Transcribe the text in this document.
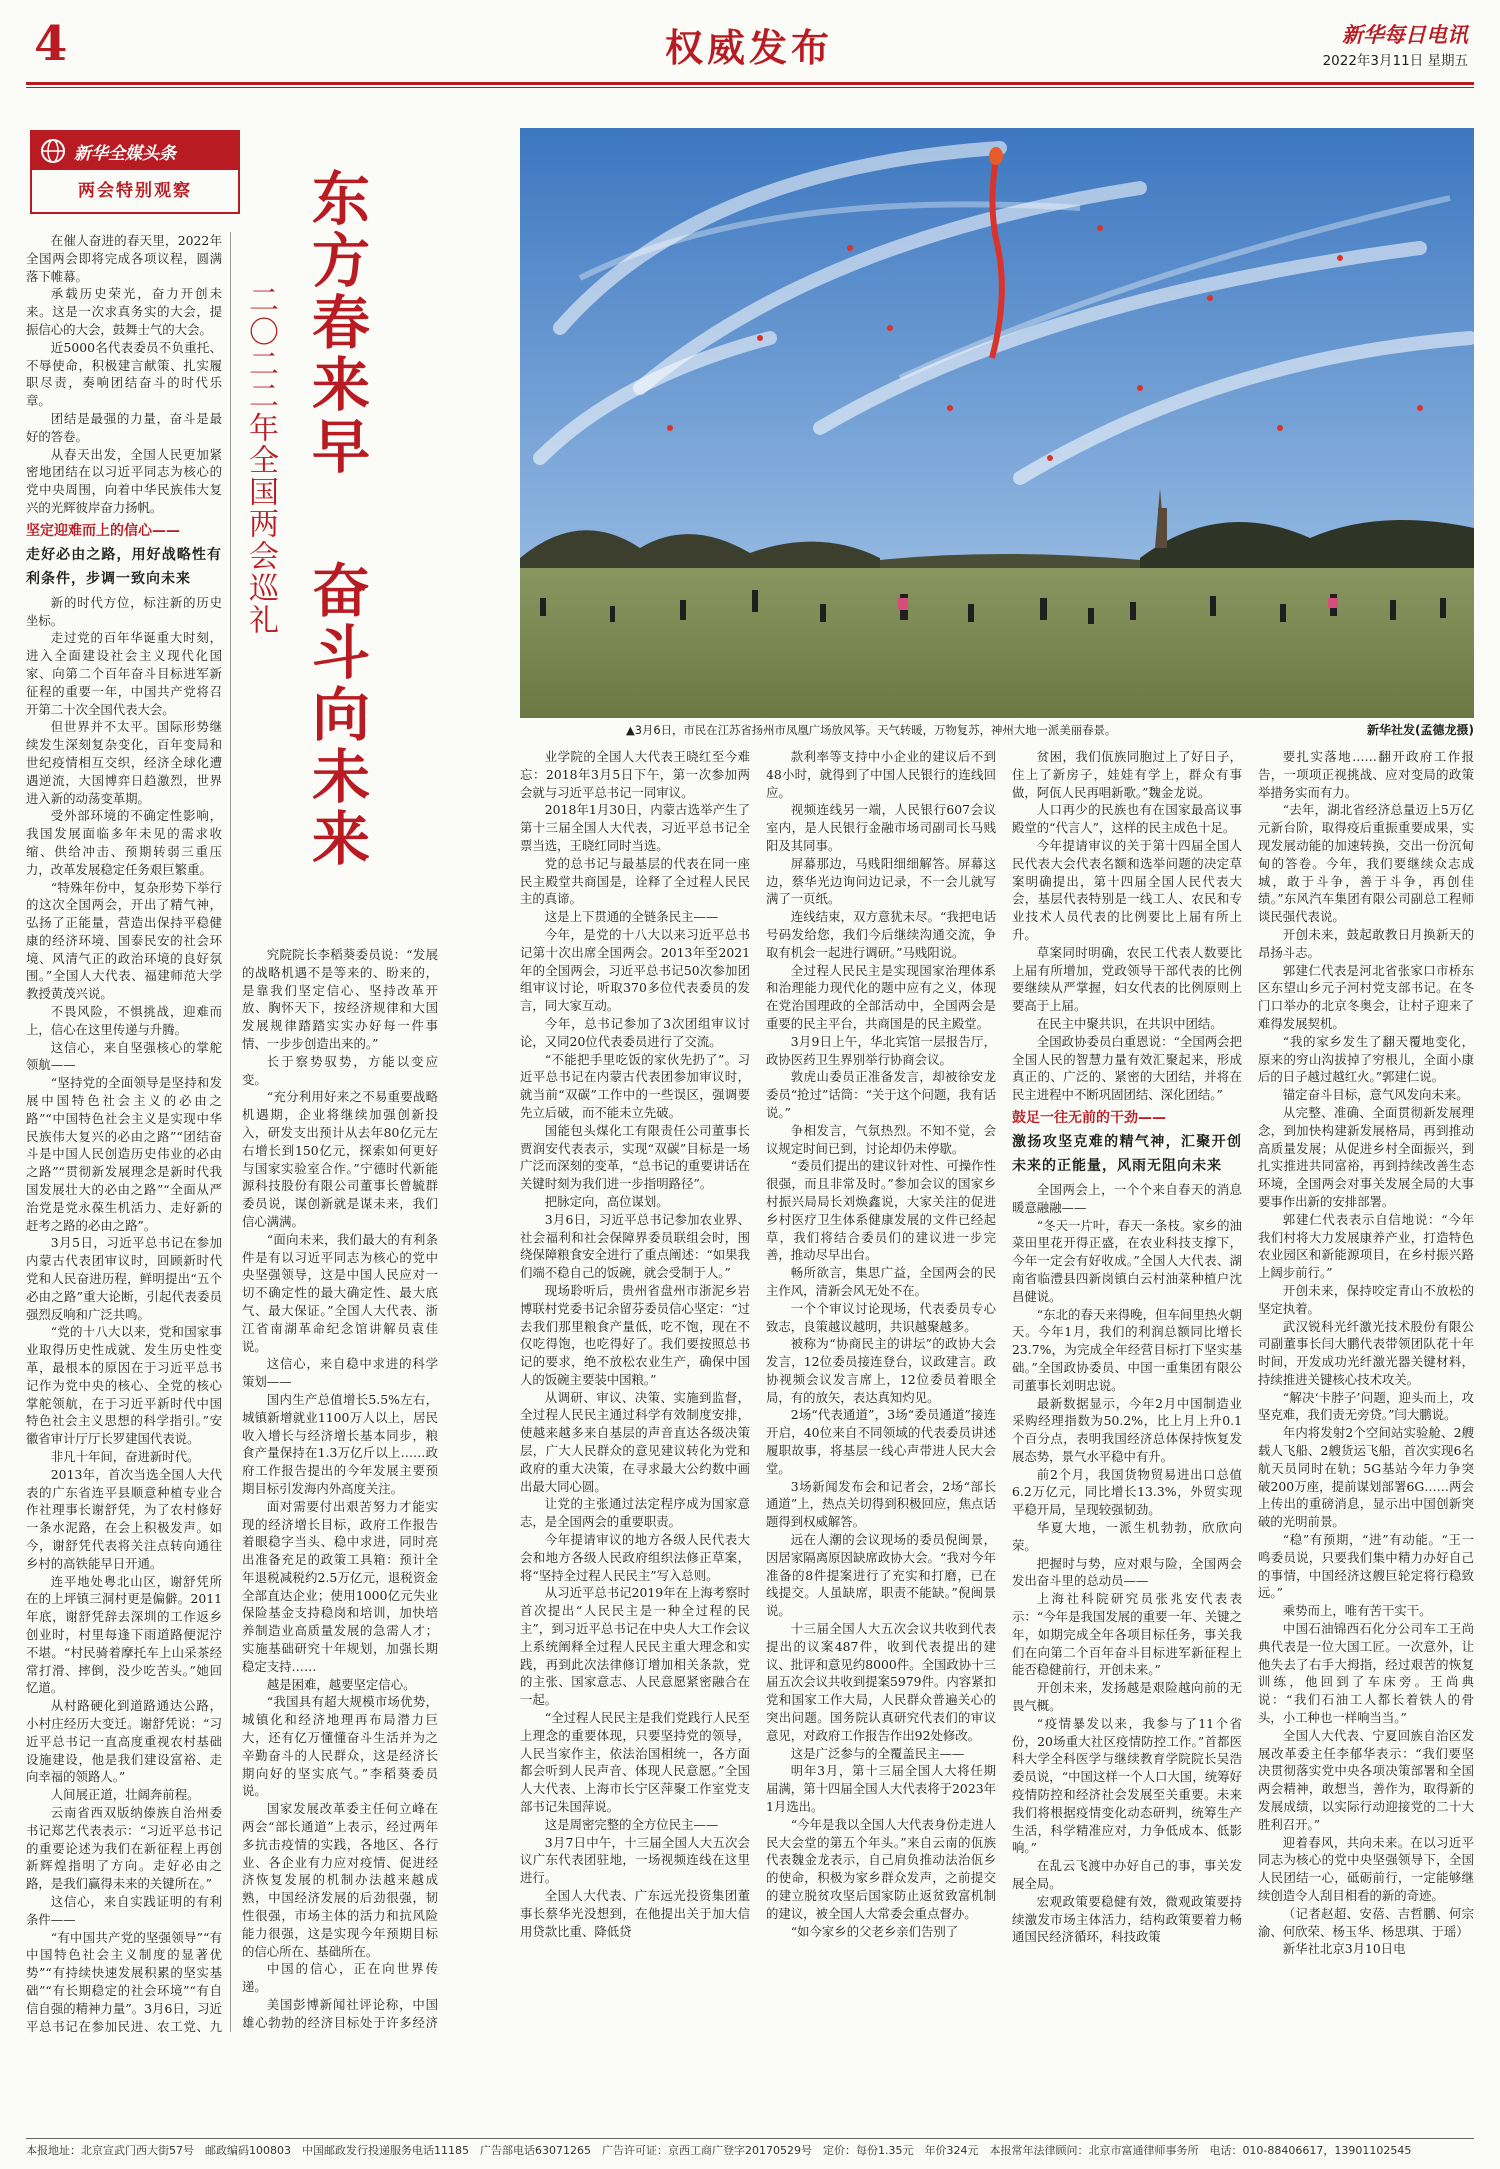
4	权威发布	新华每日电讯
2022年3月11日 星期五
新华全媒头条
两会特别观察	东方春来早
奋斗向未来
二〇二二年全国两会巡礼
▲3月6日，市民在江苏省扬州市凤凰广场放风筝。天气转暖，万物复苏，神州大地一派美丽春景。	新华社发(孟德龙摄)

在催人奋进的春天里，2022年全国两会即将完成各项议程，圆满落下帷幕。

承载历史荣光，奋力开创未来。这是一次求真务实的大会，提振信心的大会，鼓舞士气的大会。

近5000名代表委员不负重托、不辱使命，积极建言献策、扎实履职尽责，奏响团结奋斗的时代乐章。

团结是最强的力量，奋斗是最好的答卷。

从春天出发，全国人民更加紧密地团结在以习近平同志为核心的党中央周围，向着中华民族伟大复兴的光辉彼岸奋力扬帆。

坚定迎难而上的信心——

走好必由之路，用好战略性有利条件，步调一致向未来

新的时代方位，标注新的历史坐标。

走过党的百年华诞重大时刻，进入全面建设社会主义现代化国家、向第二个百年奋斗目标进军新征程的重要一年，中国共产党将召开第二十次全国代表大会。

但世界并不太平。国际形势继续发生深刻复杂变化，百年变局和世纪疫情相互交织，经济全球化遭遇逆流，大国博弈日趋激烈，世界进入新的动荡变革期。

受外部环境的不确定性影响，我国发展面临多年未见的需求收缩、供给冲击、预期转弱三重压力，改革发展稳定任务艰巨繁重。

“特殊年份中，复杂形势下举行的这次全国两会，开出了精气神，弘扬了正能量，营造出保持平稳健康的经济环境、国泰民安的社会环境、风清气正的政治环境的良好氛围。”全国人大代表、福建师范大学教授黄茂兴说。

不畏风险，不惧挑战，迎难而上，信心在这里传递与升腾。

这信心，来自坚强核心的掌舵领航——

“坚持党的全面领导是坚持和发展中国特色社会主义的必由之路”“中国特色社会主义是实现中华民族伟大复兴的必由之路”“团结奋斗是中国人民创造历史伟业的必由之路”“贯彻新发展理念是新时代我国发展壮大的必由之路”“全面从严治党是党永葆生机活力、走好新的赶考之路的必由之路”。

3月5日，习近平总书记在参加内蒙古代表团审议时，回顾新时代党和人民奋进历程，鲜明提出“五个必由之路”重大论断，引起代表委员强烈反响和广泛共鸣。

“党的十八大以来，党和国家事业取得历史性成就、发生历史性变革，最根本的原因在于习近平总书记作为党中央的核心、全党的核心掌舵领航，在于习近平新时代中国特色社会主义思想的科学指引。”安徽省审计厅厅长罗建国代表说。

非凡十年间，奋进新时代。

2013年，首次当选全国人大代表的广东省连平县顺意种植专业合作社理事长谢舒凭，为了农村修好一条水泥路，在会上积极发声。如今，谢舒凭代表将关注点转向通往乡村的高铁能早日开通。

连平地处粤北山区，谢舒凭所在的上坪镇三洞村更是偏僻。2011年底，谢舒凭辞去深圳的工作返乡创业时，村里每逢下雨道路便泥泞不堪。“村民骑着摩托车上山采茶经常打滑、摔倒，没少吃苦头。”她回忆道。

从村路硬化到道路通达公路，小村庄经历大变迁。谢舒凭说：“习近平总书记一直高度重视农村基础设施建设，他是我们建设富裕、走向幸福的领路人。”

人间展正道，壮阔奔前程。

云南省西双版纳傣族自治州委书记郑艺代表表示：“习近平总书记的重要论述为我们在新征程上再创新辉煌指明了方向。走好必由之路，是我们赢得未来的关键所在。”

这信心，来自实践证明的有利条件——

“有中国共产党的坚强领导”“有中国特色社会主义制度的显著优势”“有持续快速发展积累的坚实基础”“有长期稳定的社会环境”“有自信自强的精神力量”。3月6日，习近平总书记在参加民进、农工党、九

究院院长李稻葵委员说：“发展的战略机遇不是等来的、盼来的，是靠我们坚定信心、坚持改革开放、胸怀天下，按经济规律和大国发展规律踏踏实实办好每一件事情、一步步创造出来的。”

长于察势驭势，方能以变应变。

“充分利用好来之不易重要战略机遇期，企业将继续加强创新投入，研发支出预计从去年80亿元左右增长到150亿元，探索如何更好与国家实验室合作。”宁德时代新能源科技股份有限公司董事长曾毓群委员说，谋创新就是谋未来，我们信心满满。

“面向未来，我们最大的有利条件是有以习近平同志为核心的党中央坚强领导，这是中国人民应对一切不确定性的最大确定性、最大底气、最大保证。”全国人大代表、浙江省南湖革命纪念馆讲解员袁佳说。

这信心，来自稳中求进的科学策划——

国内生产总值增长5.5%左右，城镇新增就业1100万人以上，居民收入增长与经济增长基本同步，粮食产量保持在1.3万亿斤以上……政府工作报告提出的今年发展主要预期目标引发海内外高度关注。

面对需要付出艰苦努力才能实现的经济增长目标，政府工作报告着眼稳字当头、稳中求进，同时亮出准备充足的政策工具箱：预计全年退税减税约2.5万亿元，退税资金全部直达企业；使用1000亿元失业保险基金支持稳岗和培训，加快培养制造业高质量发展的急需人才；实施基础研究十年规划，加强长期稳定支持……

越是困难，越要坚定信心。

“我国具有超大规模市场优势，城镇化和经济地理再布局潜力巨大，还有亿万懂懂奋斗生活并为之辛勤奋斗的人民群众，这是经济长期向好的坚实底气。”李稻葵委员说。

国家发展改革委主任何立峰在两会“部长通道”上表示，经过两年多抗击疫情的实践，各地区、各行业、各企业有力应对疫情、促进经济恢复发展的机制办法越来越成熟，中国经济发展的后劲很强，韧性很强，市场主体的活力和抗风险能力很强，这是实现今年预期目标的信心所在、基础所在。

中国的信心，正在向世界传递。

美国彭博新闻社评论称，中国雄心勃勃的经济目标处于许多经济

业学院的全国人大代表王晓红至今难忘：2018年3月5日下午，第一次参加两会就与习近平总书记一同审议。

2018年1月30日，内蒙古选举产生了第十三届全国人大代表，习近平总书记全票当选，王晓红同时当选。

党的总书记与最基层的代表在同一座民主殿堂共商国是，诠释了全过程人民民主的真谛。

这是上下贯通的全链条民主——

今年，是党的十八大以来习近平总书记第十次出席全国两会。2013年至2021年的全国两会，习近平总书记50次参加团组审议讨论，听取370多位代表委员的发言，同大家互动。

今年，总书记参加了3次团组审议讨论，又同20位代表委员进行了交流。

“不能把手里吃饭的家伙先扔了”。习近平总书记在内蒙古代表团参加审议时，就当前“双碳”工作中的一些误区，强调要先立后破，而不能未立先破。

国能包头煤化工有限责任公司董事长贾润安代表表示，实现“双碳”目标是一场广泛而深刻的变革，“总书记的重要讲话在关键时刻为我们进一步指明路径”。

把脉定向，高位谋划。

3月6日，习近平总书记参加农业界、社会福利和社会保障界委员联组会时，围绕保障粮食安全进行了重点阐述：“如果我们端不稳自己的饭碗，就会受制于人。”

现场聆听后，贵州省盘州市浙泥乡岩博联村党委书记余留芬委员信心坚定：“过去我们那里粮食产量低，吃不饱，现在不仅吃得饱，也吃得好了。我们要按照总书记的要求，绝不放松农业生产，确保中国人的饭碗主要装中国粮。”

从调研、审议、决策、实施到监督，全过程人民民主通过科学有效制度安排，使越来越多来自基层的声音直达各级决策层，广大人民群众的意见建议转化为党和政府的重大决策，在寻求最大公约数中画出最大同心圆。

让党的主张通过法定程序成为国家意志，是全国两会的重要职责。

今年提请审议的地方各级人民代表大会和地方各级人民政府组织法修正草案，将“坚持全过程人民民主”写入总则。

从习近平总书记2019年在上海考察时首次提出“人民民主是一种全过程的民主”，到习近平总书记在中央人大工作会议上系统阐释全过程人民民主重大理念和实践，再到此次法律修订增加相关条款，党的主张、国家意志、人民意愿紧密融合在一起。

“全过程人民民主是我们党践行人民至上理念的重要体现，只要坚持党的领导，人民当家作主，依法治国相统一，各方面都会听到人民声音、体现人民意愿。”全国人大代表、上海市长宁区萍聚工作室党支部书记朱国萍说。

这是周密完整的全方位民主——

3月7日中午，十三届全国人大五次会议广东代表团驻地，一场视频连线在这里进行。

全国人大代表、广东远光投资集团董事长蔡华光没想到，在他提出关于加大信用贷款比重、降低贷

款利率等支持中小企业的建议后不到48小时，就得到了中国人民银行的连线回应。

视频连线另一端，人民银行607会议室内，是人民银行金融市场司副司长马贱阳及其同事。

屏幕那边，马贱阳细细解答。屏幕这边，蔡华光边询问边记录，不一会儿就写满了一页纸。

连线结束，双方意犹未尽。“我把电话号码发给您，我们今后继续沟通交流，争取有机会一起进行调研。”马贱阳说。

全过程人民民主是实现国家治理体系和治理能力现代化的题中应有之义，体现在党治国理政的全部活动中，全国两会是重要的民主平台，共商国是的民主殿堂。

3月9日上午，华北宾馆一层报告厅，政协医药卫生界别举行协商会议。

敦虎山委员正准备发言，却被徐安龙委员“抢过”话筒：“关于这个问题，我有话说。”

争相发言，气氛热烈。不知不觉，会议规定时间已到，讨论却仍未停歇。

“委员们提出的建议针对性、可操作性很强，而且非常及时。”参加会议的国家乡村振兴局局长刘焕鑫说，大家关注的促进乡村医疗卫生体系健康发展的文件已经起草，我们将结合委员们的建议进一步完善，推动尽早出台。

畅所欲言，集思广益，全国两会的民主作风，清新会风无处不在。

一个个审议讨论现场，代表委员专心致志，良策越议越明，共识越聚越多。

被称为“协商民主的讲坛”的政协大会发言，12位委员接连登台，议政建言。政协视频会议发言席上，12位委员着眼全局，有的放矢，表达真知灼见。

2场“代表通道”，3场“委员通道”接连开启，40位来自不同领域的代表委员讲述履职故事，将基层一线心声带进人民大会堂。

3场新闻发布会和记者会，2场“部长通道”上，热点关切得到积极回应，焦点话题得到权威解答。

远在人潮的会议现场的委员倪闽景，因居家隔离原因缺席政协大会。“我对今年准备的8件提案进行了充实和打磨，已在线提交。人虽缺席，职责不能缺。”倪闽景说。

十三届全国人大五次会议共收到代表提出的议案487件，收到代表提出的建议、批评和意见约8000件。全国政协十三届五次会议共收到提案5979件。内容紧扣党和国家工作大局，人民群众普遍关心的突出问题。国务院认真研究代表们的审议意见，对政府工作报告作出92处修改。

这是广泛参与的全覆盖民主——

明年3月，第十三届全国人大将任期届满，第十四届全国人大代表将于2023年1月选出。

“今年是我以全国人大代表身份走进人民大会堂的第五个年头。”来自云南的佤族代表魏金龙表示，自己肩负推动法治佤乡的使命，积极为家乡群众发声，之前提交的建立脱贫攻坚后国家防止返贫致富机制的建议，被全国人大常委会重点督办。

“如今家乡的父老乡亲们告别了

贫困，我们佤族同胞过上了好日子，住上了新房子，娃娃有学上，群众有事做，阿佤人民再唱新歌。”魏金龙说。

人口再少的民族也有在国家最高议事殿堂的“代言人”，这样的民主成色十足。

今年提请审议的关于第十四届全国人民代表大会代表名额和选举问题的决定草案明确提出，第十四届全国人民代表大会，基层代表特别是一线工人、农民和专业技术人员代表的比例要比上届有所上升。

草案同时明确，农民工代表人数要比上届有所增加，党政领导干部代表的比例要继续从严掌握，妇女代表的比例原则上要高于上届。

在民主中聚共识，在共识中团结。

全国政协委员白重恩说：“全国两会把全国人民的智慧力量有效汇聚起来，形成真正的、广泛的、紧密的大团结，并将在民主进程中不断巩固团结、深化团结。”

鼓足一往无前的干劲——

激扬攻坚克难的精气神，汇聚开创未来的正能量，风雨无阻向未来

全国两会上，一个个来自春天的消息暖意融融——

“冬天一片叶，春天一条枝。家乡的油菜田里花开得正盛，在农业科技支撑下，今年一定会有好收成。”全国人大代表、湖南省临澧县四新岗镇白云村油菜种植户沈昌健说。

“东北的春天来得晚，但车间里热火朝天。今年1月，我们的利润总额同比增长23.7%，为完成全年经营目标打下坚实基础。”全国政协委员、中国一重集团有限公司董事长刘明忠说。

最新数据显示，今年2月中国制造业采购经理指数为50.2%，比上月上升0.1个百分点，表明我国经济总体保持恢复发展态势，景气水平稳中有升。

前2个月，我国货物贸易进出口总值6.2万亿元，同比增长13.3%，外贸实现平稳开局，呈现较强韧劲。

华夏大地，一派生机勃勃，欣欣向荣。

把握时与势，应对艰与险，全国两会发出奋斗里的总动员——

上海社科院研究员张兆安代表表示：“今年是我国发展的重要一年、关键之年，如期完成全年各项目标任务，事关我们在向第二个百年奋斗目标进军新征程上能否稳健前行，开创未来。”

开创未来，发扬越是艰险越向前的无畏气概。

“疫情暴发以来，我参与了11个省份，20场重大社区疫情防控工作。”首都医科大学全科医学与继续教育学院院长吴浩委员说，“中国这样一个人口大国，统筹好疫情防控和经济社会发展至关重要。未来我们将根据疫情变化动态研判，统筹生产生活，科学精准应对，力争低成本、低影响。”

在乱云飞渡中办好自己的事，事关发展全局。

宏观政策要稳健有效，微观政策要持续激发市场主体活力，结构政策要着力畅通国民经济循环，科技政策

要扎实落地……翻开政府工作报告，一项项正视挑战、应对变局的政策举措务实而有力。

“去年，湖北省经济总量迈上5万亿元新台阶，取得疫后重振重要成果，实现发展动能的加速转换，交出一份沉甸甸的答卷。今年，我们要继续众志成城，敢于斗争，善于斗争，再创佳绩。”东风汽车集团有限公司副总工程师谈民强代表说。

开创未来，鼓起敢教日月换新天的昂扬斗志。

郭建仁代表是河北省张家口市桥东区东望山乡元子河村党支部书记。在冬门口举办的北京冬奥会，让村子迎来了难得发展契机。

“我的家乡发生了翻天覆地变化，原来的穷山沟拔掉了穷根儿，全面小康后的日子越过越红火。”郭建仁说。

锚定奋斗目标，意气风发向未来。

从完整、准确、全面贯彻新发展理念，到加快构建新发展格局，再到推动高质量发展；从促进乡村全面振兴，到扎实推进共同富裕，再到持续改善生态环境，全国两会对事关发展全局的大事要事作出新的安排部署。

郭建仁代表表示自信地说：“今年我们村将大力发展康养产业，打造特色农业园区和新能源项目，在乡村振兴路上阔步前行。”

开创未来，保持咬定青山不放松的坚定执着。

武汉锐科光纤激光技术股份有限公司副董事长闫大鹏代表带领团队花十年时间，开发成功光纤激光器关键材料，持续推进关键核心技术攻关。

“解决‘卡脖子’问题，迎头而上，攻坚克难，我们责无旁贷。”闫大鹏说。

年内将发射2个空间站实验舱、2艘载人飞船、2艘货运飞船，首次实现6名航天员同时在轨；5G基站今年力争突破200万座，提前谋划部署6G……两会上传出的重磅消息，显示出中国创新突破的光明前景。

“稳”有预期，“进”有动能。“王一鸣委员说，只要我们集中精力办好自己的事情，中国经济这艘巨轮定将行稳致远。”

乘势而上，唯有苦干实干。

中国石油锦西石化分公司车工王尚典代表是一位大国工匠。一次意外，让他失去了右手大拇指，经过艰苦的恢复训练，他回到了车床旁。王尚典说：“我们石油工人都长着铁人的骨头，小工种也一样响当当。”

全国人大代表、宁夏回族自治区发展改革委主任李郁华表示：“我们要坚决贯彻落实党中央各项决策部署和全国两会精神，敢想当，善作为，取得新的发展成绩，以实际行动迎接党的二十大胜利召开。”

迎着春风，共向未来。在以习近平同志为核心的党中央坚强领导下，全国人民团结一心，砥砺前行，一定能够继续创造令人刮目相看的新的奇迹。

（记者赵超、安蓓、吉哲鹏、何宗渝、何欣荣、杨玉华、杨思琪、于瑶）

新华社北京3月10日电

本报地址：北京宣武门西大街57号　邮政编码100803　中国邮政发行投递服务电话11185　广告部电话63071265　广告许可证：京西工商广登字20170529号　定价：每份1.35元　年价324元　本报常年法律顾问：北京市富通律师事务所　电话：010-88406617，13901102545
